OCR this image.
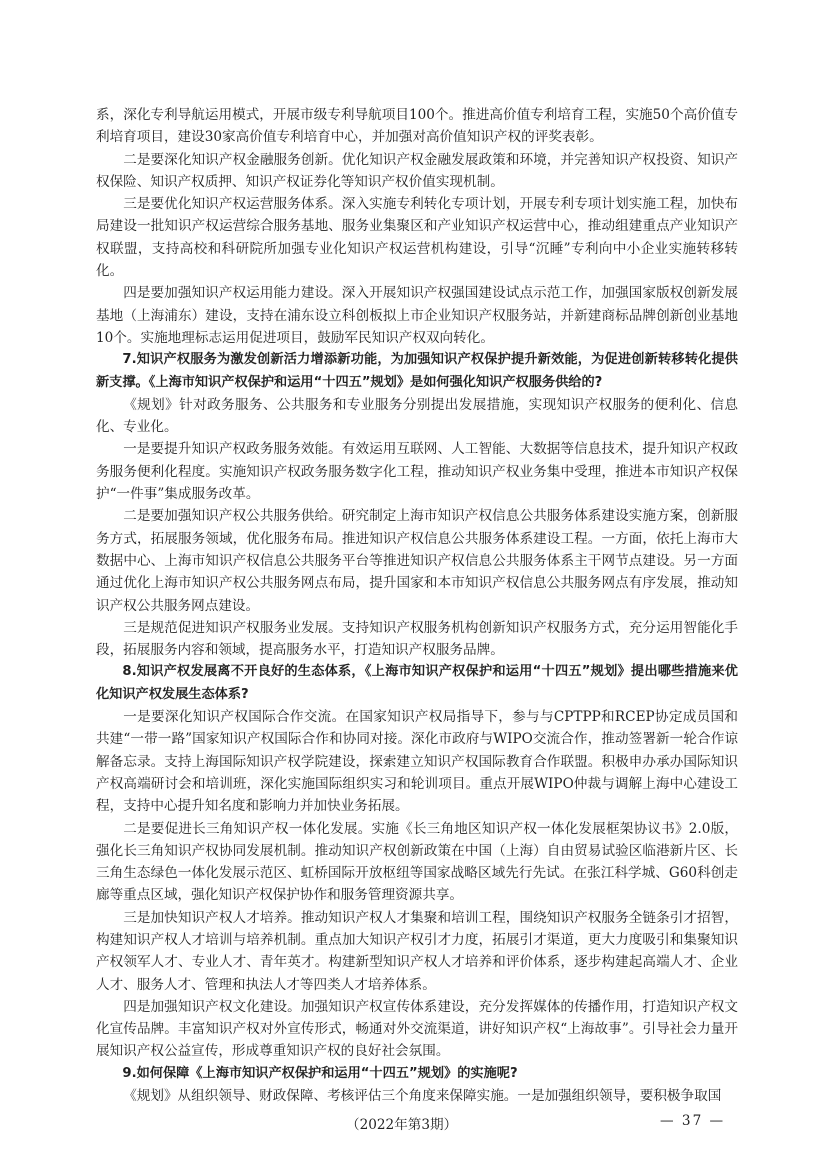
系，深化专利导航运用模式，开展市级专利导航项目100个。推进高价值专利培育工程，实施50个高价值专利培育项目，建设30家高价值专利培育中心，并加强对高价值知识产权的评奖表彰。

二是要深化知识产权金融服务创新。优化知识产权金融发展政策和环境，并完善知识产权投资、知识产权保险、知识产权质押、知识产权证券化等知识产权价值实现机制。

三是要优化知识产权运营服务体系。深入实施专利转化专项计划，开展专利专项计划实施工程，加快布局建设一批知识产权运营综合服务基地、服务业集聚区和产业知识产权运营中心，推动组建重点产业知识产权联盟，支持高校和科研院所加强专业化知识产权运营机构建设，引导“沉睡”专利向中小企业实施转移转化。

四是要加强知识产权运用能力建设。深入开展知识产权强国建设试点示范工作，加强国家版权创新发展基地（上海浦东）建设，支持在浦东设立科创板拟上市企业知识产权服务站，并新建商标品牌创新创业基地10个。实施地理标志运用促进项目，鼓励军民知识产权双向转化。

7.知识产权服务为激发创新活力增添新功能，为加强知识产权保护提升新效能，为促进创新转移转化提供新支撑。《上海市知识产权保护和运用“十四五”规划》是如何强化知识产权服务供给的?

《规划》针对政务服务、公共服务和专业服务分别提出发展措施，实现知识产权服务的便利化、信息化、专业化。

一是要提升知识产权政务服务效能。有效运用互联网、人工智能、大数据等信息技术，提升知识产权政务服务便利化程度。实施知识产权政务服务数字化工程，推动知识产权业务集中受理，推进本市知识产权保护“一件事”集成服务改革。

二是要加强知识产权公共服务供给。研究制定上海市知识产权信息公共服务体系建设实施方案，创新服务方式，拓展服务领域，优化服务布局。推进知识产权信息公共服务体系建设工程。一方面，依托上海市大数据中心、上海市知识产权信息公共服务平台等推进知识产权信息公共服务体系主干网节点建设。另一方面通过优化上海市知识产权公共服务网点布局，提升国家和本市知识产权信息公共服务网点有序发展，推动知识产权公共服务网点建设。

三是规范促进知识产权服务业发展。支持知识产权服务机构创新知识产权服务方式，充分运用智能化手段，拓展服务内容和领域，提高服务水平，打造知识产权服务品牌。

8.知识产权发展离不开良好的生态体系，《上海市知识产权保护和运用“十四五”规划》提出哪些措施来优化知识产权发展生态体系?

一是要深化知识产权国际合作交流。在国家知识产权局指导下，参与与CPTPP和RCEP协定成员国和共建“一带一路”国家知识产权国际合作和协同对接。深化市政府与WIPO交流合作，推动签署新一轮合作谅解备忘录。支持上海国际知识产权学院建设，探索建立知识产权国际教育合作联盟。积极申办承办国际知识产权高端研讨会和培训班，深化实施国际组织实习和轮训项目。重点开展WIPO仲裁与调解上海中心建设工程，支持中心提升知名度和影响力并加快业务拓展。

二是要促进长三角知识产权一体化发展。实施《长三角地区知识产权一体化发展框架协议书》2.0版，强化长三角知识产权协同发展机制。推动知识产权创新政策在中国（上海）自由贸易试验区临港新片区、长三角生态绿色一体化发展示范区、虹桥国际开放枢纽等国家战略区域先行先试。在张江科学城、G60科创走廊等重点区域，强化知识产权保护协作和服务管理资源共享。

三是加快知识产权人才培养。推动知识产权人才集聚和培训工程，围绕知识产权服务全链条引才招智，构建知识产权人才培训与培养机制。重点加大知识产权引才力度，拓展引才渠道，更大力度吸引和集聚知识产权领军人才、专业人才、青年英才。构建新型知识产权人才培养和评价体系，逐步构建起高端人才、企业人才、服务人才、管理和执法人才等四类人才培养体系。

四是加强知识产权文化建设。加强知识产权宣传体系建设，充分发挥媒体的传播作用，打造知识产权文化宣传品牌。丰富知识产权对外宣传形式，畅通对外交流渠道，讲好知识产权“上海故事”。引导社会力量开展知识产权公益宣传，形成尊重知识产权的良好社会氛围。

9.如何保障《上海市知识产权保护和运用“十四五”规划》的实施呢?

《规划》从组织领导、财政保障、考核评估三个角度来保障实施。一是加强组织领导，要积极争取国

（2022年第3期）	— 37 —
